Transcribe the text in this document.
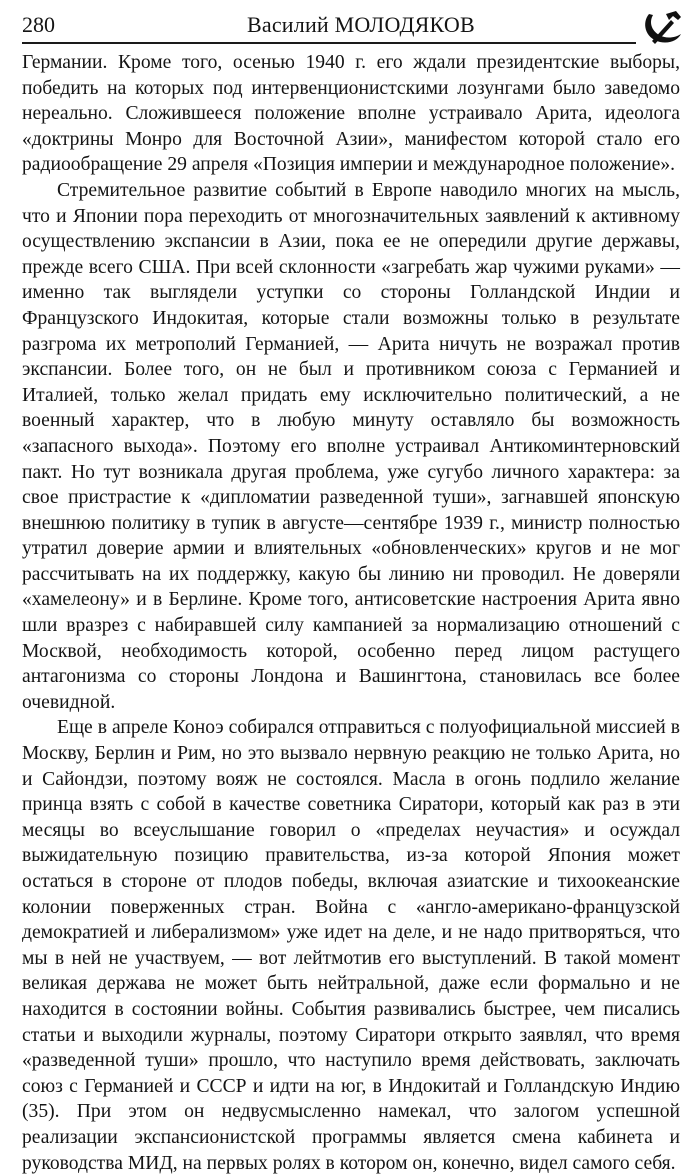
280	Василий МОЛОДЯКОВ

Германии. Кроме того, осенью 1940 г. его ждали президентские выборы, победить на которых под интервенционистскими лозунгами было заведомо нереально. Сложившееся положение вполне устраивало Арита, идеолога «доктрины Монро для Восточной Азии», манифестом которой стало его радиообращение 29 апреля «Позиция империи и международное положение».

Стремительное развитие событий в Европе наводило многих на мысль, что и Японии пора переходить от многозначительных заявлений к активному осуществлению экспансии в Азии, пока ее не опередили другие державы, прежде всего США. При всей склонности «загребать жар чужими руками» — именно так выглядели уступки со стороны Голландской Индии и Французского Индокитая, которые стали возможны только в результате разгрома их метрополий Германией, — Арита ничуть не возражал против экспансии. Более того, он не был и противником союза с Германией и Италией, только желал придать ему исключительно политический, а не военный характер, что в любую минуту оставляло бы возможность «запасного выхода». Поэтому его вполне устраивал Антикоминтерновский пакт. Но тут возникала другая проблема, уже сугубо личного характера: за свое пристрастие к «дипломатии разведенной туши», загнавшей японскую внешнюю политику в тупик в августе—сентябре 1939 г., министр полностью утратил доверие армии и влиятельных «обновленческих» кругов и не мог рассчитывать на их поддержку, какую бы линию ни проводил. Не доверяли «хамелеону» и в Берлине. Кроме того, антисоветские настроения Арита явно шли вразрез с набиравшей силу кампанией за нормализацию отношений с Москвой, необходимость которой, особенно перед лицом растущего антагонизма со стороны Лондона и Вашингтона, становилась все более очевидной.

Еще в апреле Коноэ собирался отправиться с полуофициальной миссией в Москву, Берлин и Рим, но это вызвало нервную реакцию не только Арита, но и Сайондзи, поэтому вояж не состоялся. Масла в огонь подлило желание принца взять с собой в качестве советника Сиратори, который как раз в эти месяцы во всеуслышание говорил о «пределах неучастия» и осуждал выжидательную позицию правительства, из-за которой Япония может остаться в стороне от плодов победы, включая азиатские и тихоокеанские колонии поверженных стран. Война с «англо-американо-французской демократией и либерализмом» уже идет на деле, и не надо притворяться, что мы в ней не участвуем, — вот лейтмотив его выступлений. В такой момент великая держава не может быть нейтральной, даже если формально и не находится в состоянии войны. События развивались быстрее, чем писались статьи и выходили журналы, поэтому Сиратори открыто заявлял, что время «разведенной туши» прошло, что наступило время действовать, заключать союз с Германией и СССР и идти на юг, в Индокитай и Голландскую Индию (35). При этом он недвусмысленно намекал, что залогом успешной реализации экспансионистской программы является смена кабинета и руководства МИД, на первых ролях в котором он, конечно, видел самого себя.
